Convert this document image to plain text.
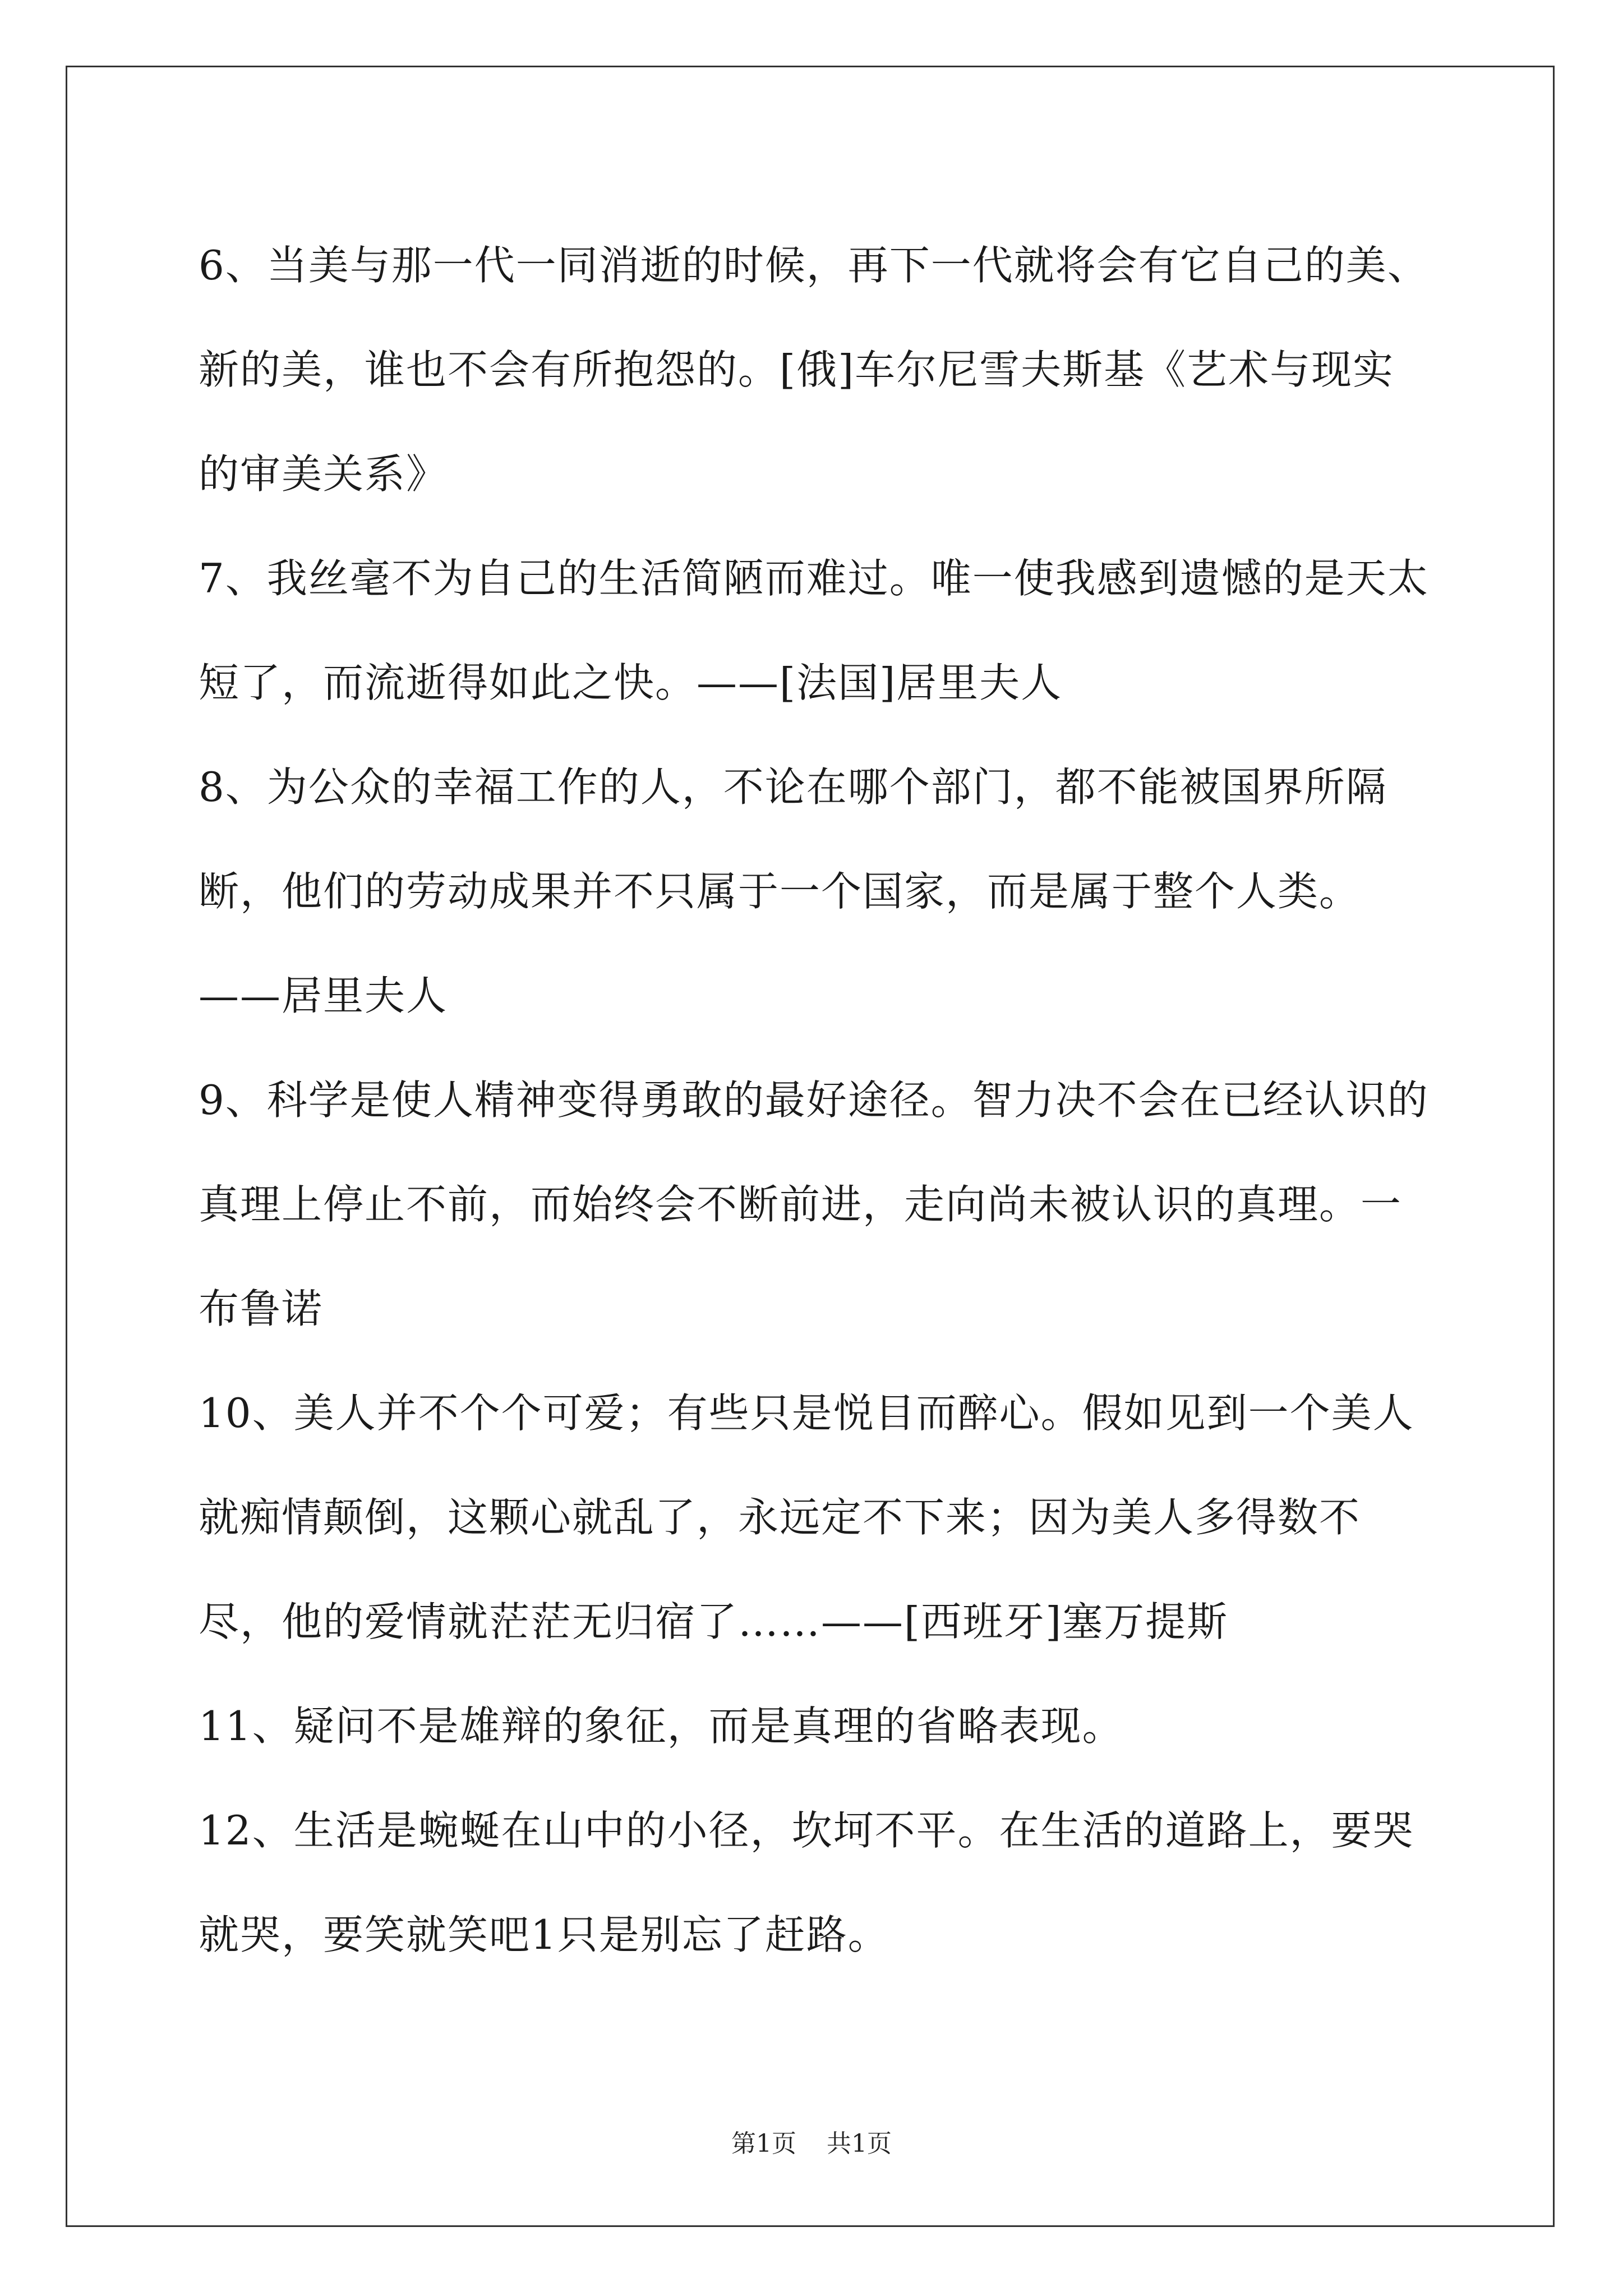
6、当美与那一代一同消逝的时候，再下一代就将会有它自己的美、新的美，谁也不会有所抱怨的。[俄]车尔尼雪夫斯基《艺术与现实的审美关系》

7、我丝毫不为自己的生活简陋而难过。唯一使我感到遗憾的是天太短了，而流逝得如此之快。——[法国]居里夫人

8、为公众的幸福工作的人，不论在哪个部门，都不能被国界所隔断，他们的劳动成果并不只属于一个国家，而是属于整个人类。——居里夫人

9、科学是使人精神变得勇敢的最好途径。智力决不会在已经认识的真理上停止不前，而始终会不断前进，走向尚未被认识的真理。一布鲁诺

10、美人并不个个可爱；有些只是悦目而醉心。假如见到一个美人就痴情颠倒，这颗心就乱了，永远定不下来；因为美人多得数不尽，他的爱情就茫茫无归宿了……——[西班牙]塞万提斯

11、疑问不是雄辩的象征，而是真理的省略表现。

12、生活是蜿蜒在山中的小径，坎坷不平。在生活的道路上，要哭就哭，要笑就笑吧1只是别忘了赶路。

第1页 共1页
